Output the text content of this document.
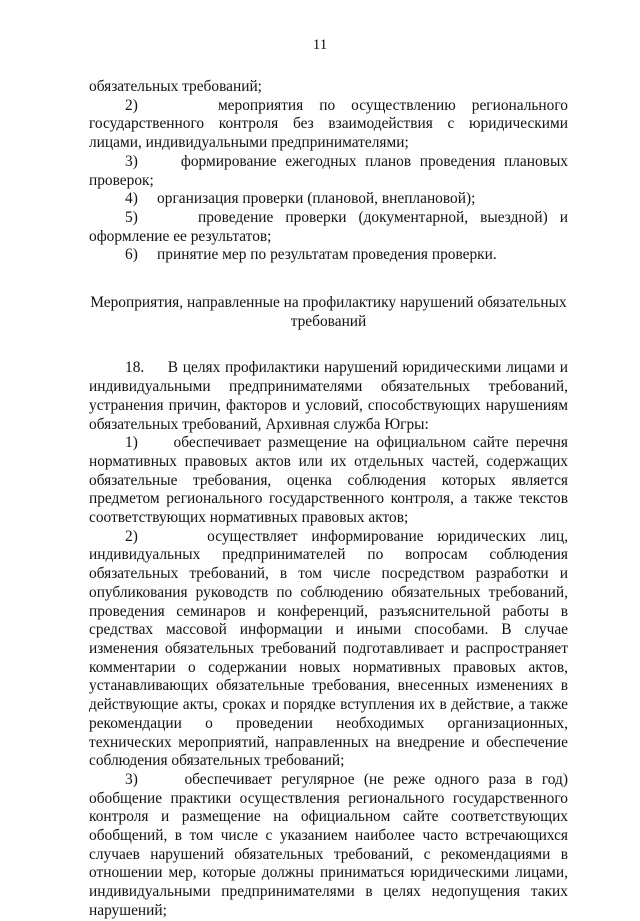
11

обязательных требований;

2)     мероприятия по осуществлению регионального государственного контроля без взаимодействия с юридическими лицами, индивидуальными предпринимателями;

3)     формирование ежегодных планов проведения плановых проверок;

4)     организация проверки (плановой, внеплановой);

5)     проведение проверки (документарной, выездной) и оформление ее результатов;

6)     принятие мер по результатам проведения проверки.

Мероприятия, направленные на профилактику нарушений обязательных требований

18.     В целях профилактики нарушений юридическими лицами и индивидуальными предпринимателями обязательных требований, устранения причин, факторов и условий, способствующих нарушениям обязательных требований, Архивная служба Югры:

1)     обеспечивает размещение на официальном сайте перечня нормативных правовых актов или их отдельных частей, содержащих обязательные требования, оценка соблюдения которых является предметом регионального государственного контроля, а также текстов соответствующих нормативных правовых актов;

2)     осуществляет информирование юридических лиц, индивидуальных предпринимателей по вопросам соблюдения обязательных требований, в том числе посредством разработки и опубликования руководств по соблюдению обязательных требований, проведения семинаров и конференций, разъяснительной работы в средствах массовой информации и иными способами. В случае изменения обязательных требований подготавливает и распространяет комментарии о содержании новых нормативных правовых актов, устанавливающих обязательные требования, внесенных изменениях в действующие акты, сроках и порядке вступления их в действие, а также рекомендации о проведении необходимых организационных, технических мероприятий, направленных на внедрение и обеспечение соблюдения обязательных требований;

3)     обеспечивает регулярное (не реже одного раза в год) обобщение практики осуществления регионального государственного контроля и размещение на официальном сайте соответствующих обобщений, в том числе с указанием наиболее часто встречающихся случаев нарушений обязательных требований, с рекомендациями в отношении мер, которые должны приниматься юридическими лицами, индивидуальными предпринимателями в целях недопущения таких нарушений;
